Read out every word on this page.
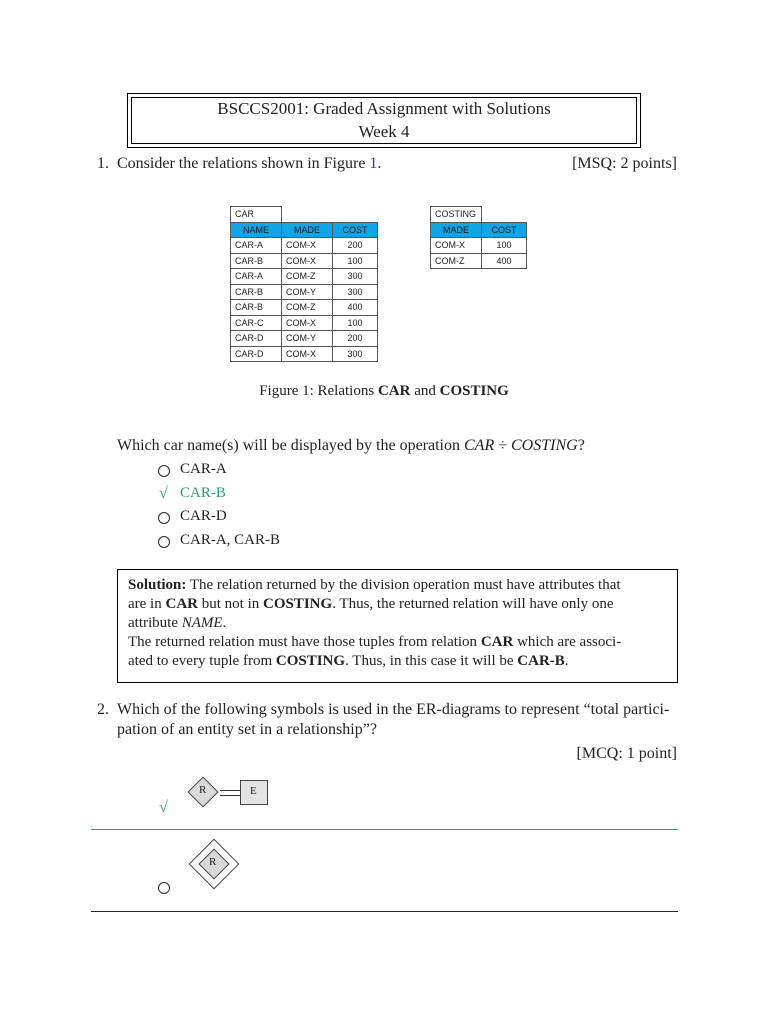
BSCCS2001: Graded Assignment with Solutions
Week 4
1. Consider the relations shown in Figure 1.	[MSQ: 2 points]
CAR		
NAME	MADE	COST
CAR-A	COM-X	200
CAR-B	COM-X	100
CAR-A	COM-Z	300
CAR-B	COM-Y	300
CAR-B	COM-Z	400
CAR-C	COM-X	100
CAR-D	COM-Y	200
CAR-D	COM-X	300
COSTING	
MADE	COST
COM-X	100
COM-Z	400
Figure 1: Relations CAR and COSTING
Which car name(s) will be displayed by the operation CAR ÷ COSTING?
CAR-A
√ CAR-B
CAR-D
CAR-A, CAR-B

Solution: The relation returned by the division operation must have attributes that

are in CAR but not in COSTING. Thus, the returned relation will have only one

attribute NAME.

The returned relation must have those tuples from relation CAR which are associ-

ated to every tuple from COSTING. Thus, in this case it will be CAR-B.

2. Which of the following symbols is used in the ER-diagrams to represent “total partici-
pation of an entity set in a relationship”?
[MCQ: 1 point]
R	E
√
R
